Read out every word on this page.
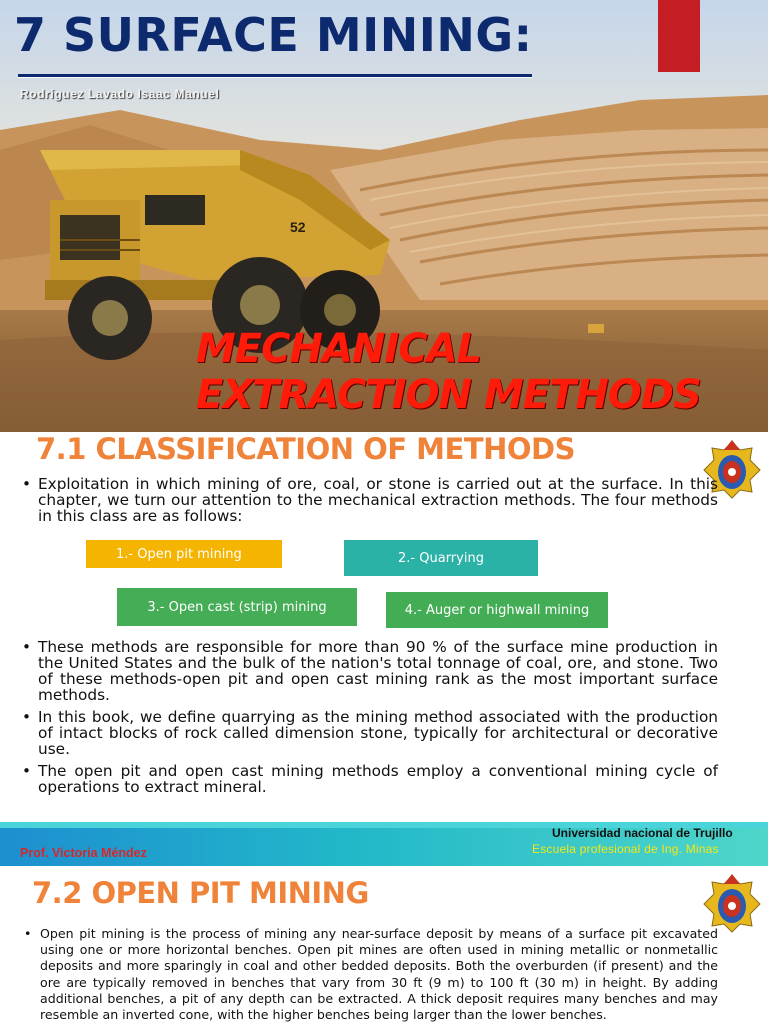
52
7 SURFACE MINING:
Rodríguez Lavado Isaac Manuel
MECHANICAL
EXTRACTION METHODS
7.1 CLASSIFICATION OF METHODS
• Exploitation in which mining of ore, coal, or stone is carried out at the surface. In this chapter, we turn our attention to the mechanical extraction methods. The four methods in this class are as follows:
1.- Open pit mining	2.- Quarrying
3.- Open cast (strip) mining	4.- Auger or highwall mining
• These methods are responsible for more than 90 % of the surface mine production in the United States and the bulk of the nation's total tonnage of coal, ore, and stone. Two of these methods-open pit and open cast mining rank as the most important surface methods.
• In this book, we define quarrying as the mining method associated with the production of intact blocks of rock called dimension stone, typically for architectural or decorative use.
• The open pit and open cast mining methods employ a conventional mining cycle of operations to extract mineral.
Prof. Victoria Méndez
Universidad nacional de Trujillo
Escuela profesional de Ing. Minas
7.2 OPEN PIT MINING
• Open pit mining is the process of mining any near-surface deposit by means of a surface pit excavated using one or more horizontal benches. Open pit mines are often used in mining metallic or nonmetallic deposits and more sparingly in coal and other bedded deposits. Both the overburden (if present) and the ore are typically removed in benches that vary from 30 ft (9 m) to 100 ft (30 m) in height. By adding additional benches, a pit of any depth can be extracted. A thick deposit requires many benches and may resemble an inverted cone, with the higher benches being larger than the lower benches.
